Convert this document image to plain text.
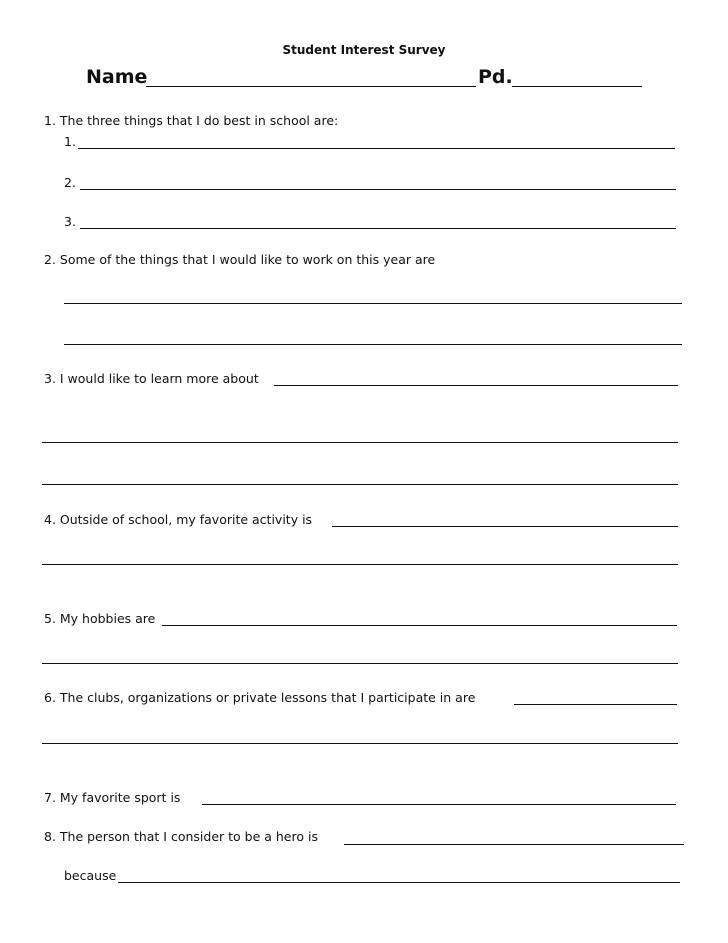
Student Interest Survey
Name	Pd.
1. The three things that I do best in school are:
1.
2.
3.
2. Some of the things that I would like to work on this year are
3. I would like to learn more about
4. Outside of school, my favorite activity is
5. My hobbies are
6. The clubs, organizations or private lessons that I participate in are
7. My favorite sport is
8. The person that I consider to be a hero is
because
